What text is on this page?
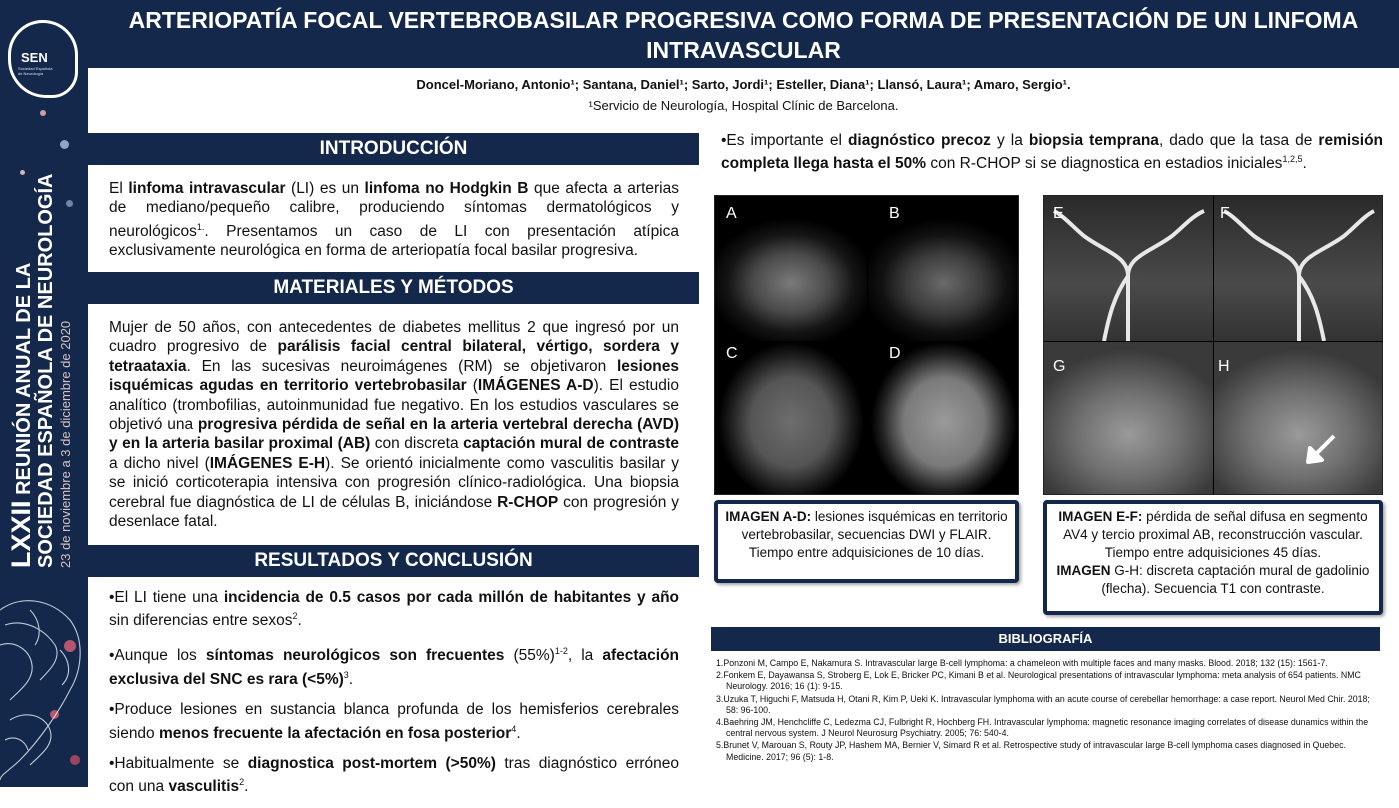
SEN
Sociedad Española de Neurología
LXXII REUNIÓN ANUAL DE LA SOCIEDAD ESPAÑOLA DE NEUROLOGÍA 23 de noviembre a 3 de diciembre de 2020
ARTERIOPATÍA FOCAL VERTEBROBASILAR PROGRESIVA COMO FORMA DE PRESENTACIÓN DE UN LINFOMA INTRAVASCULAR
Doncel-Moriano, Antonio¹; Santana, Daniel¹; Sarto, Jordi¹; Esteller, Diana¹; Llansó, Laura¹; Amaro, Sergio¹.
¹Servicio de Neurología, Hospital Clínic de Barcelona.
INTRODUCCIÓN

El linfoma intravascular (LI) es un linfoma no Hodgkin B que afecta a arterias de mediano/pequeño calibre, produciendo síntomas dermatológicos y neurológicos$^{1.}$. Presentamos un caso de LI con presentación atípica exclusivamente neurológica en forma de arteriopatía focal basilar progresiva.

MATERIALES Y MÉTODOS

Mujer de 50 años, con antecedentes de diabetes mellitus 2 que ingresó por un cuadro progresivo de parálisis facial central bilateral, vértigo, sordera y tetraataxia. En las sucesivas neuroimágenes (RM) se objetivaron lesiones isquémicas agudas en territorio vertebrobasilar (IMÁGENES A-D). El estudio analítico (trombofilias, autoinmunidad fue negativo. En los estudios vasculares se objetivó una progresiva pérdida de señal en la arteria vertebral derecha (AVD) y en la arteria basilar proximal (AB) con discreta captación mural de contraste a dicho nivel (IMÁGENES E-H). Se orientó inicialmente como vasculitis basilar y se inició corticoterapia intensiva con progresión clínico-radiológica. Una biopsia cerebral fue diagnóstica de LI de células B, iniciándose R-CHOP con progresión y desenlace fatal.

RESULTADOS Y CONCLUSIÓN

•El LI tiene una incidencia de 0.5 casos por cada millón de habitantes y año sin diferencias entre sexos$^2$.

•Aunque los síntomas neurológicos son frecuentes $(55\%)^{1-2}$, la afectación exclusiva del SNC es rara (<5%)$^3$.

•Produce lesiones en sustancia blanca profunda de los hemisferios cerebrales siendo menos frecuente la afectación en fosa posterior$^4$.

•Habitualmente se diagnostica post-mortem (>50%) tras diagnóstico erróneo con una vasculitis$^2$.

•Es importante el diagnóstico precoz y la biopsia temprana, dado que la tasa de remisión completa llega hasta el 50% con R-CHOP si se diagnostica en estadios iniciales$^{1,2,5}$.
A	B
C	D
E	F
G	H
IMAGEN A-D: lesiones isquémicas en territorio vertebrobasilar, secuencias DWI y FLAIR. Tiempo entre adquisiciones de 10 días.
IMAGEN E-F: pérdida de señal difusa en segmento AV4 y tercio proximal AB, reconstrucción vascular. Tiempo entre adquisiciones 45 días.
IMAGEN G-H: discreta captación mural de gadolinio (flecha). Secuencia T1 con contraste.
BIBLIOGRAFÍA
1.Ponzoni M, Campo E, Nakamura S. Intravascular large B-cell lymphoma: a chameleon with multiple faces and many masks. Blood. 2018; 132 (15): 1561-7.
2.Fonkem E, Dayawansa S, Stroberg E, Lok E, Bricker PC, Kimani B et al. Neurological presentations of intravascular lymphoma: meta analysis of 654 patients. NMC Neurology. 2016; 16 (1): 9-15.
3.Uzuka T, Higuchi F, Matsuda H, Otani R, Kim P, Ueki K. Intravascular lymphoma with an acute course of cerebellar hemorrhage: a case report. Neurol Med Chir. 2018; 58: 96-100.
4.Baehring JM, Henchcliffe C, Ledezma CJ, Fulbright R, Hochberg FH. Intravascular lymphoma: magnetic resonance imaging correlates of disease dunamics within the central nervous system. J Neurol Neurosurg Psychiatry. 2005; 76: 540-4.
5.Brunet V, Marouan S, Routy JP, Hashem MA, Bernier V, Simard R et al. Retrospective study of intravascular large B-cell lymphoma cases diagnosed in Quebec. Medicine. 2017; 96 (5): 1-8.
